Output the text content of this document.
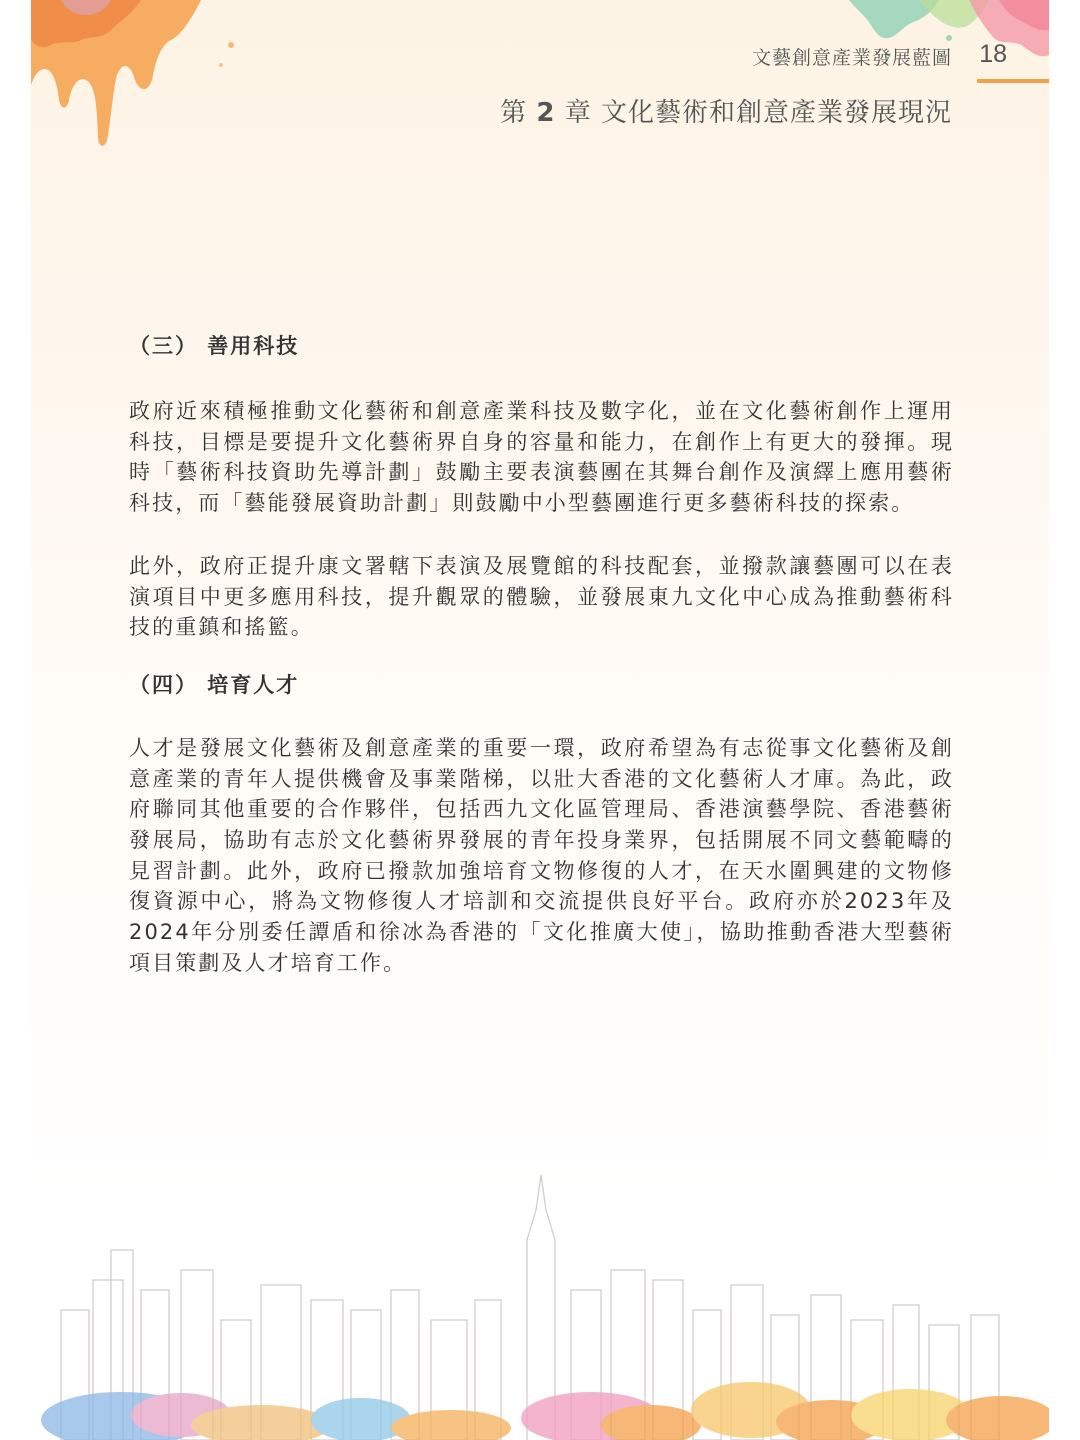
文藝創意產業發展藍圖 18
第 2 章 文化藝術和創意產業發展現況
（三） 善用科技

政府近來積極推動文化藝術和創意產業科技及數字化，並在文化藝術創作上運用科技，目標是要提升文化藝術界自身的容量和能力，在創作上有更大的發揮。現時「藝術科技資助先導計劃」鼓勵主要表演藝團在其舞台創作及演繹上應用藝術科技，而「藝能發展資助計劃」則鼓勵中小型藝團進行更多藝術科技的探索。

此外，政府正提升康文署轄下表演及展覽館的科技配套，並撥款讓藝團可以在表演項目中更多應用科技，提升觀眾的體驗，並發展東九文化中心成為推動藝術科技的重鎮和搖籃。

（四） 培育人才

人才是發展文化藝術及創意產業的重要一環，政府希望為有志從事文化藝術及創意產業的青年人提供機會及事業階梯，以壯大香港的文化藝術人才庫。為此，政府聯同其他重要的合作夥伴，包括西九文化區管理局、香港演藝學院、香港藝術發展局，協助有志於文化藝術界發展的青年投身業界，包括開展不同文藝範疇的見習計劃。此外，政府已撥款加強培育文物修復的人才，在天水圍興建的文物修復資源中心，將為文物修復人才培訓和交流提供良好平台。政府亦於2023年及2024年分別委任譚盾和徐冰為香港的「文化推廣大使」，協助推動香港大型藝術項目策劃及人才培育工作。
